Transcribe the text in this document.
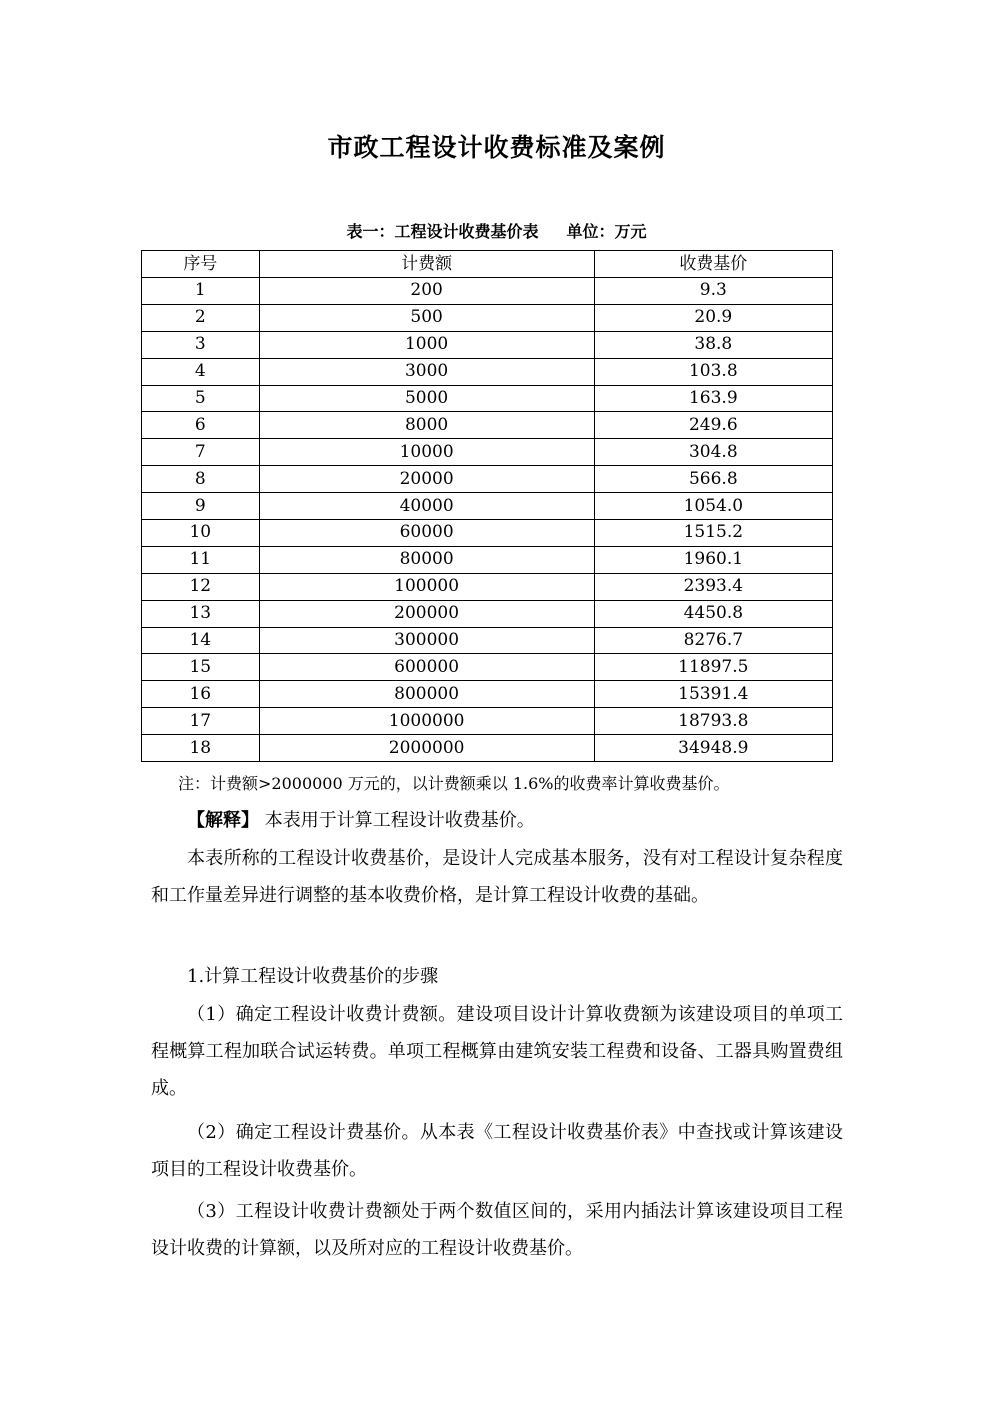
市政工程设计收费标准及案例
表一：工程设计收费基价表 单位：万元
序号	计费额	收费基价
1	200	9.3
2	500	20.9
3	1000	38.8
4	3000	103.8
5	5000	163.9
6	8000	249.6
7	10000	304.8
8	20000	566.8
9	40000	1054.0
10	60000	1515.2
11	80000	1960.1
12	100000	2393.4
13	200000	4450.8
14	300000	8276.7
15	600000	11897.5
16	800000	15391.4
17	1000000	18793.8
18	2000000	34948.9
注：计费额>2000000 万元的，以计费额乘以 1.6%的收费率计算收费基价。
【解释】 本表用于计算工程设计收费基价。
本表所称的工程设计收费基价，是设计人完成基本服务，没有对工程设计复杂程度和工作量差异进行调整的基本收费价格，是计算工程设计收费的基础。
1.计算工程设计收费基价的步骤
（1）确定工程设计收费计费额。建设项目设计计算收费额为该建设项目的单项工程概算工程加联合试运转费。单项工程概算由建筑安装工程费和设备、工器具购置费组成。
（2）确定工程设计费基价。从本表《工程设计收费基价表》中查找或计算该建设项目的工程设计收费基价。
（3）工程设计收费计费额处于两个数值区间的，采用内插法计算该建设项目工程设计收费的计算额，以及所对应的工程设计收费基价。
